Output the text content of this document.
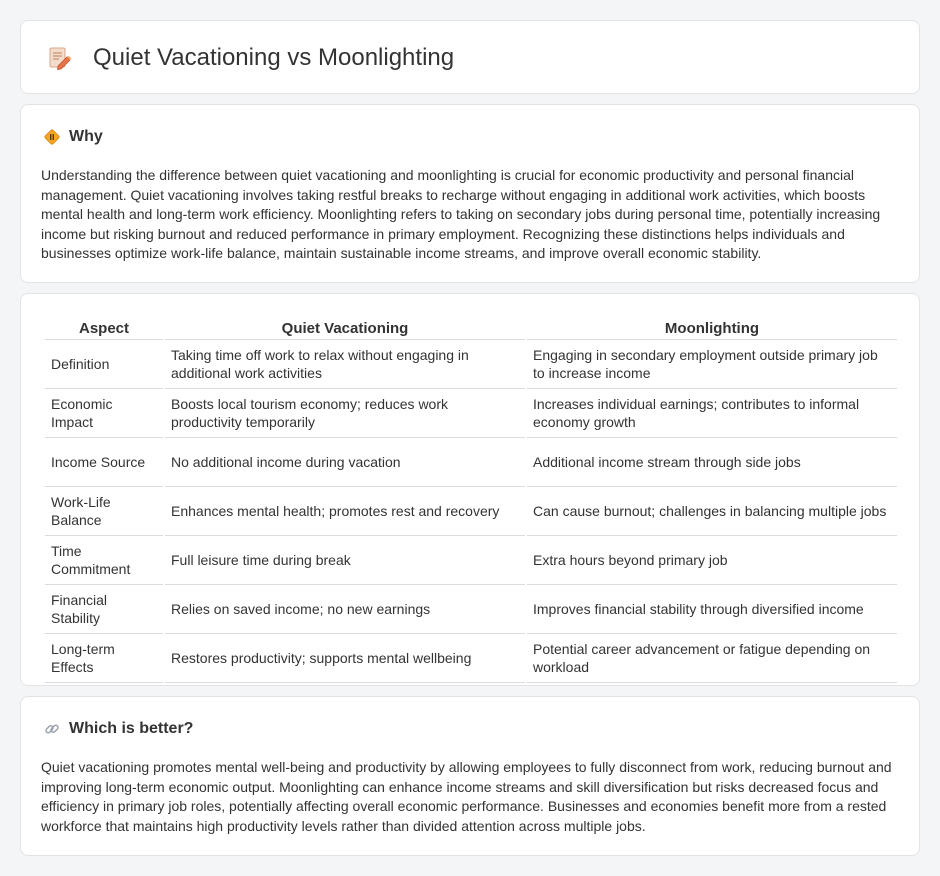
Quiet Vacationing vs Moonlighting
Why

Understanding the difference between quiet vacationing and moonlighting is crucial for economic productivity and personal financial management. Quiet vacationing involves taking restful breaks to recharge without engaging in additional work activities, which boosts mental health and long-term work efficiency. Moonlighting refers to taking on secondary jobs during personal time, potentially increasing income but risking burnout and reduced performance in primary employment. Recognizing these distinctions helps individuals and businesses optimize work-life balance, maintain sustainable income streams, and improve overall economic stability.

Aspect	Quiet Vacationing	Moonlighting
Definition	Taking time off work to relax without engaging in additional work activities	Engaging in secondary employment outside primary job to increase income
Economic Impact	Boosts local tourism economy; reduces work productivity temporarily	Increases individual earnings; contributes to informal economy growth
Income Source	No additional income during vacation	Additional income stream through side jobs
Work-Life Balance	Enhances mental health; promotes rest and recovery	Can cause burnout; challenges in balancing multiple jobs
Time Commitment	Full leisure time during break	Extra hours beyond primary job
Financial Stability	Relies on saved income; no new earnings	Improves financial stability through diversified income
Long-term Effects	Restores productivity; supports mental wellbeing	Potential career advancement or fatigue depending on workload
Which is better?

Quiet vacationing promotes mental well-being and productivity by allowing employees to fully disconnect from work, reducing burnout and improving long-term economic output. Moonlighting can enhance income streams and skill diversification but risks decreased focus and efficiency in primary job roles, potentially affecting overall economic performance. Businesses and economies benefit more from a rested workforce that maintains high productivity levels rather than divided attention across multiple jobs.
